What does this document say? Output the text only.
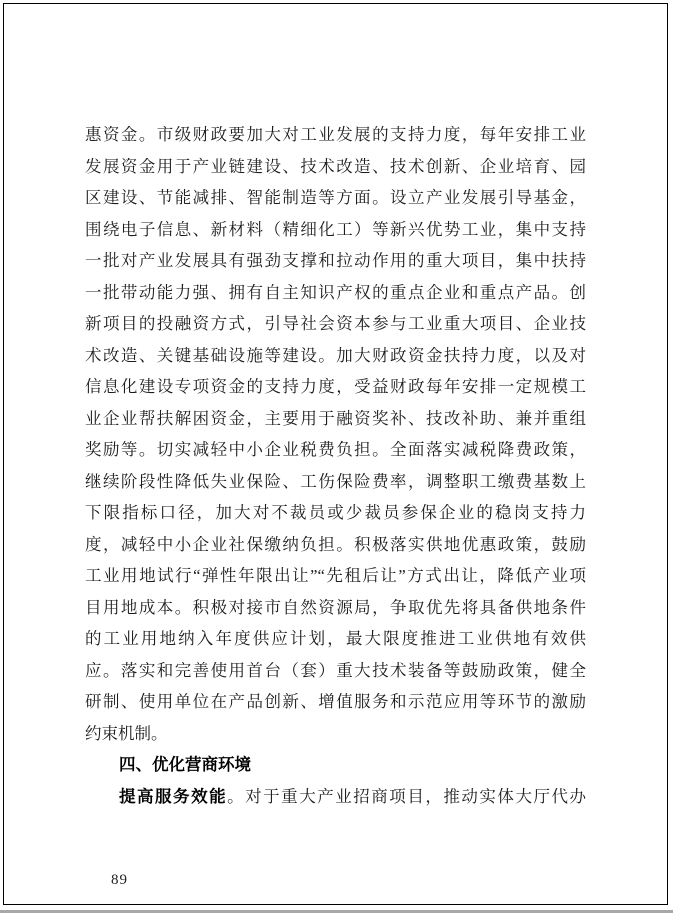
惠资金。市级财政要加大对工业发展的支持力度，每年安排工业
发展资金用于产业链建设、技术改造、技术创新、企业培育、园
区建设、节能减排、智能制造等方面。设立产业发展引导基金，
围绕电子信息、新材料（精细化工）等新兴优势工业，集中支持
一批对产业发展具有强劲支撑和拉动作用的重大项目，集中扶持
一批带动能力强、拥有自主知识产权的重点企业和重点产品。创
新项目的投融资方式，引导社会资本参与工业重大项目、企业技
术改造、关键基础设施等建设。加大财政资金扶持力度，以及对
信息化建设专项资金的支持力度，受益财政每年安排一定规模工
业企业帮扶解困资金，主要用于融资奖补、技改补助、兼并重组
奖励等。切实减轻中小企业税费负担。全面落实减税降费政策，
继续阶段性降低失业保险、工伤保险费率，调整职工缴费基数上
下限指标口径，加大对不裁员或少裁员参保企业的稳岗支持力
度，减轻中小企业社保缴纳负担。积极落实供地优惠政策，鼓励
工业用地试行“弹性年限出让”“先租后让”方式出让，降低产业项
目用地成本。积极对接市自然资源局，争取优先将具备供地条件
的工业用地纳入年度供应计划，最大限度推进工业供地有效供
应。落实和完善使用首台（套）重大技术装备等鼓励政策，健全
研制、使用单位在产品创新、增值服务和示范应用等环节的激励
约束机制。
四、优化营商环境
提高服务效能。对于重大产业招商项目，推动实体大厅代办
89
